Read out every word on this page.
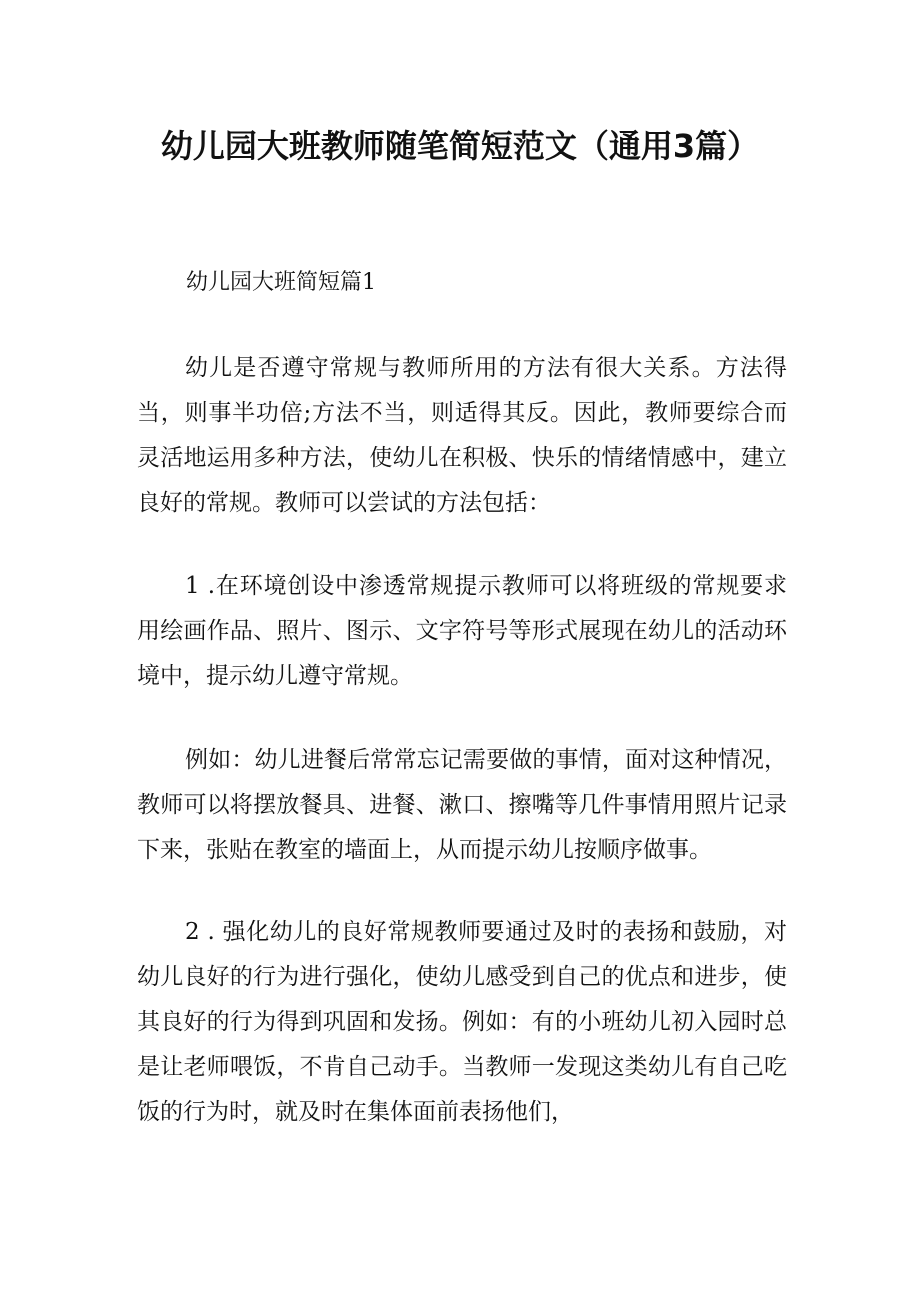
幼儿园大班教师随笔简短范文（通用3篇）

幼儿园大班简短篇1

幼儿是否遵守常规与教师所用的方法有很大关系。方法得当，则事半功倍;方法不当，则适得其反。因此，教师要综合而灵活地运用多种方法，使幼儿在积极、快乐的情绪情感中，建立良好的常规。教师可以尝试的方法包括：

1 .在环境创设中渗透常规提示教师可以将班级的常规要求用绘画作品、照片、图示、文字符号等形式展现在幼儿的活动环境中，提示幼儿遵守常规。

例如：幼儿进餐后常常忘记需要做的事情，面对这种情况，教师可以将摆放餐具、进餐、漱口、擦嘴等几件事情用照片记录下来，张贴在教室的墙面上，从而提示幼儿按顺序做事。

2 . 强化幼儿的良好常规教师要通过及时的表扬和鼓励，对幼儿良好的行为进行强化，使幼儿感受到自己的优点和进步，使其良好的行为得到巩固和发扬。例如：有的小班幼儿初入园时总是让老师喂饭，不肯自己动手。当教师一发现这类幼儿有自己吃饭的行为时，就及时在集体面前表扬他们，
